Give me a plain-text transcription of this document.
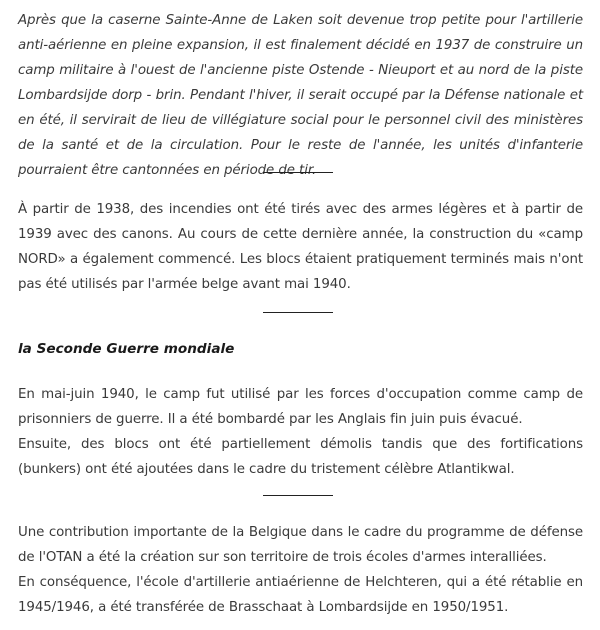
Après que la caserne Sainte-Anne de Laken soit devenue trop petite pour l'artillerie anti-aérienne en pleine expansion, il est finalement décidé en 1937 de construire un camp militaire à l'ouest de l'ancienne piste Ostende - Nieuport et au nord de la piste Lombardsijde dorp - brin. Pendant l'hiver, il serait occupé par la Défense nationale et en été, il servirait de lieu de villégiature social pour le personnel civil des ministères de la santé et de la circulation. Pour le reste de l'année, les unités d'infanterie pourraient être cantonnées en période de tir.

À partir de 1938, des incendies ont été tirés avec des armes légères et à partir de 1939 avec des canons. Au cours de cette dernière année, la construction du «camp NORD» a également commencé. Les blocs étaient pratiquement terminés mais n'ont pas été utilisés par l'armée belge avant mai 1940.

la Seconde Guerre mondiale

En mai-juin 1940, le camp fut utilisé par les forces d'occupation comme camp de prisonniers de guerre. Il a été bombardé par les Anglais fin juin puis évacué.

Ensuite, des blocs ont été partiellement démolis tandis que des fortifications (bunkers) ont été ajoutées dans le cadre du tristement célèbre Atlantikwal.

Une contribution importante de la Belgique dans le cadre du programme de défense de l'OTAN a été la création sur son territoire de trois écoles d'armes interalliées.

En conséquence, l'école d'artillerie antiaérienne de Helchteren, qui a été rétablie en 1945/1946, a été transférée de Brasschaat à Lombardsijde en 1950/1951.
